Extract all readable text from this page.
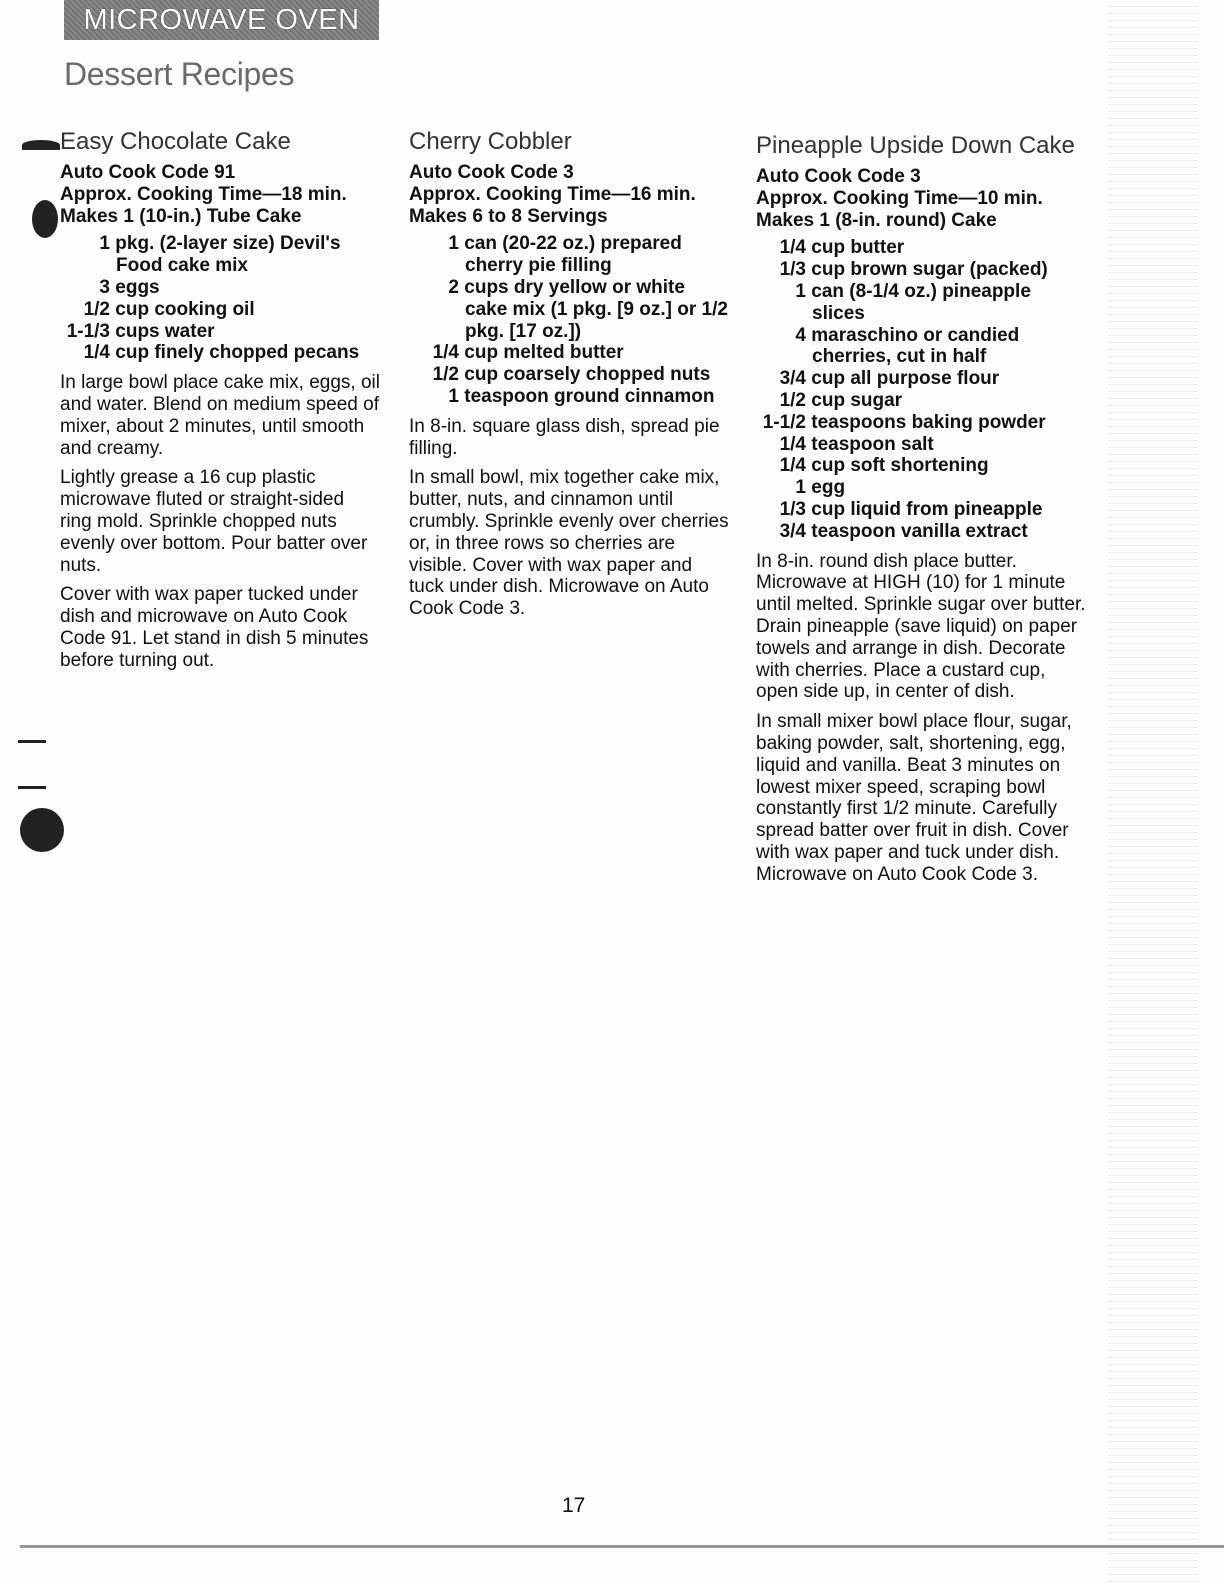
MICROWAVE OVEN
Dessert Recipes
Easy Chocolate Cake
Auto Cook Code 91
Approx. Cooking Time—18 min.
Makes 1 (10-in.) Tube Cake
1 pkg. (2-layer size) Devil's Food cake mix
3 eggs
1/2 cup cooking oil
1-1/3 cups water
1/4 cup finely chopped pecans

In large bowl place cake mix, eggs, oil and water. Blend on medium speed of mixer, about 2 minutes, until smooth and creamy.

Lightly grease a 16 cup plastic microwave fluted or straight-sided ring mold. Sprinkle chopped nuts evenly over bottom. Pour batter over nuts.

Cover with wax paper tucked under dish and microwave on Auto Cook Code 91. Let stand in dish 5 minutes before turning out.

Cherry Cobbler
Auto Cook Code 3
Approx. Cooking Time—16 min.
Makes 6 to 8 Servings
1 can (20-22 oz.) prepared cherry pie filling
2 cups dry yellow or white cake mix (1 pkg. [9 oz.] or 1/2 pkg. [17 oz.])
1/4 cup melted butter
1/2 cup coarsely chopped nuts
1 teaspoon ground cinnamon

In 8-in. square glass dish, spread pie filling.

In small bowl, mix together cake mix, butter, nuts, and cinnamon until crumbly. Sprinkle evenly over cherries or, in three rows so cherries are visible. Cover with wax paper and tuck under dish. Microwave on Auto Cook Code 3.

Pineapple Upside Down Cake
Auto Cook Code 3
Approx. Cooking Time—10 min.
Makes 1 (8-in. round) Cake
1/4 cup butter
1/3 cup brown sugar (packed)
1 can (8-1/4 oz.) pineapple slices
4 maraschino or candied cherries, cut in half
3/4 cup all purpose flour
1/2 cup sugar
1-1/2 teaspoons baking powder
1/4 teaspoon salt
1/4 cup soft shortening
1 egg
1/3 cup liquid from pineapple
3/4 teaspoon vanilla extract

In 8-in. round dish place butter. Microwave at HIGH (10) for 1 minute until melted. Sprinkle sugar over butter. Drain pineapple (save liquid) on paper towels and arrange in dish. Decorate with cherries. Place a custard cup, open side up, in center of dish.

In small mixer bowl place flour, sugar, baking powder, salt, shortening, egg, liquid and vanilla. Beat 3 minutes on lowest mixer speed, scraping bowl constantly first 1/2 minute. Carefully spread batter over fruit in dish. Cover with wax paper and tuck under dish. Microwave on Auto Cook Code 3.

17
